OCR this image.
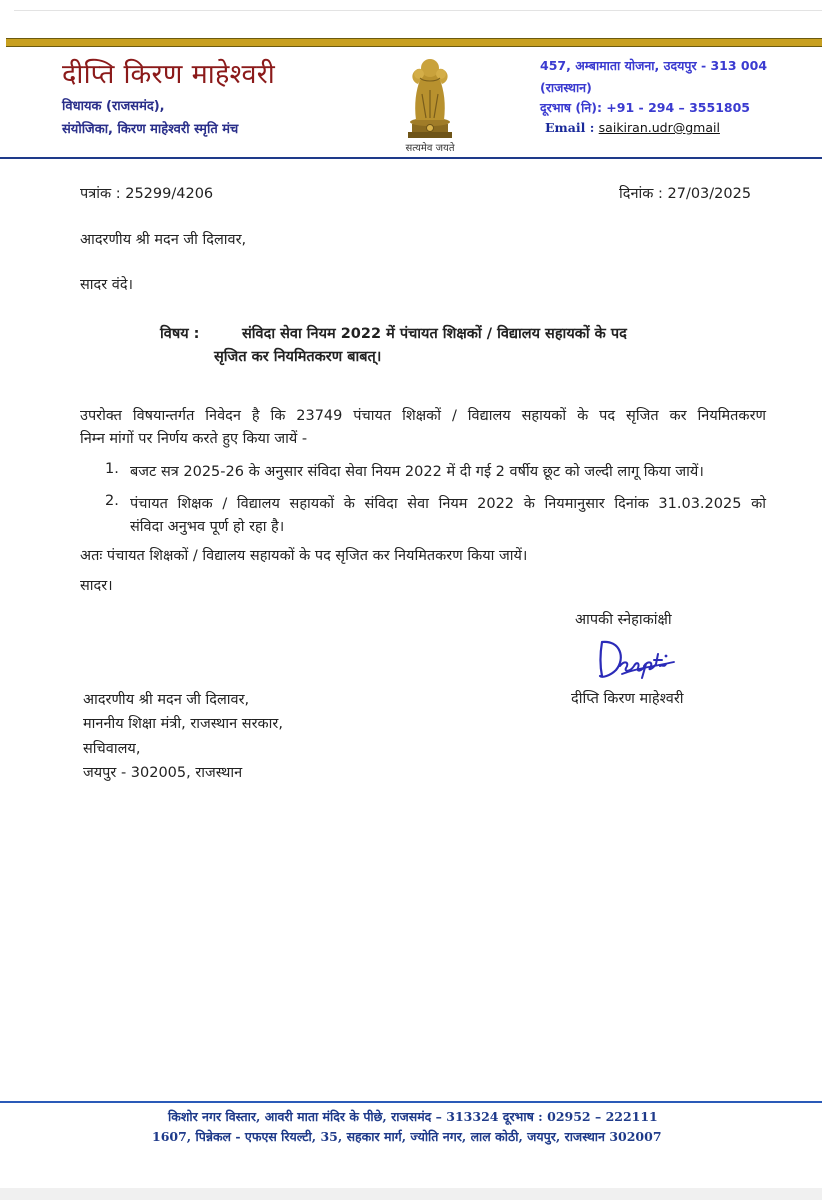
दीप्ति किरण माहेश्वरी
विधायक (राजसमंद),
संयोजिका, किरण माहेश्वरी स्मृति मंच
सत्यमेव जयते
457, अम्बामाता योजना, उदयपुर - 313 004
(राजस्थान)
दूरभाष (नि): +91 - 294 – 3551805
Email : saikiran.udr@gmail
पत्रांक : 25299/4206	दिनांक : 27/03/2025
आदरणीय श्री मदन जी दिलावर,
सादर वंदे।
विषय :	संविदा सेवा नियम 2022 में पंचायत शिक्षकों / विद्यालय सहायकों के पद
सृजित कर नियमितकरण बाबत्।
उपरोक्त विषयान्तर्गत निवेदन है कि 23749 पंचायत शिक्षकों / विद्यालय सहायकों के पद सृजित कर नियमितकरण
निम्न मांगों पर निर्णय करते हुए किया जायें -
1. बजट सत्र 2025-26 के अनुसार संविदा सेवा नियम 2022 में दी गई 2 वर्षीय छूट को जल्दी लागू किया जायें।
2. पंचायत शिक्षक / विद्यालय सहायकों के संविदा सेवा नियम 2022 के नियमानुसार दिनांक 31.03.2025 को
संविदा अनुभव पूर्ण हो रहा है।
अतः पंचायत शिक्षकों / विद्यालय सहायकों के पद सृजित कर नियमितकरण किया जायें।
सादर।
आपकी स्नेहाकांक्षी
दीप्ति किरण माहेश्वरी
आदरणीय श्री मदन जी दिलावर,
माननीय शिक्षा मंत्री, राजस्थान सरकार,
सचिवालय,
जयपुर - 302005, राजस्थान
किशोर नगर विस्तार, आवरी माता मंदिर के पीछे, राजसमंद – 313324 दूरभाष : 02952 – 222111
1607, पिन्नेकल - एफएस रियल्टी, 35, सहकार मार्ग, ज्योति नगर, लाल कोठी, जयपुर, राजस्थान 302007
